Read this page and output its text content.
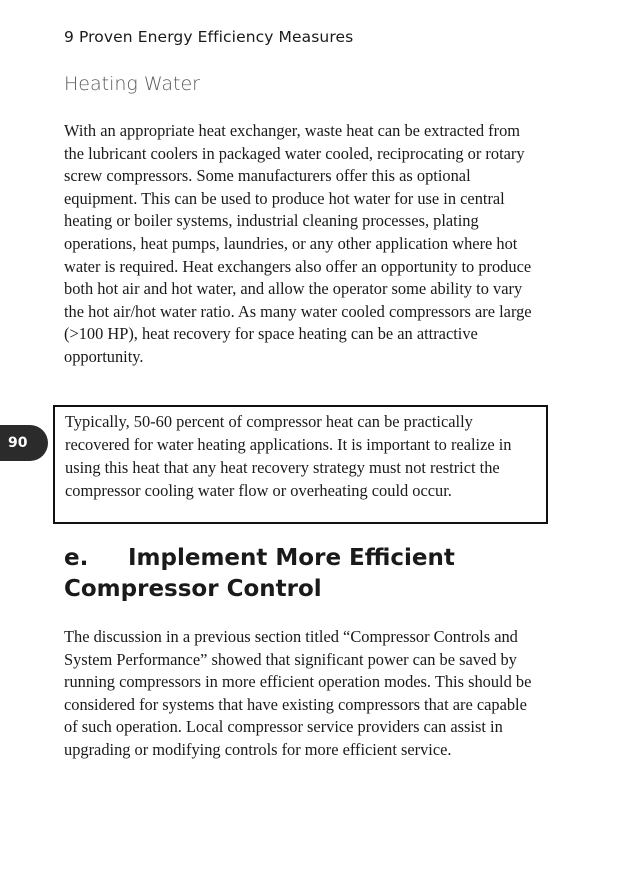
9 Proven Energy Efficiency Measures
Heating Water

With an appropriate heat exchanger, waste heat can be extracted from the lubricant coolers in packaged water cooled, reciprocating or rotary screw compressors. Some manufacturers offer this as optional equipment. This can be used to produce hot water for use in central heating or boiler systems, industrial cleaning processes, plating operations, heat pumps, laundries, or any other application where hot water is required. Heat exchangers also offer an opportunity to produce both hot air and hot water, and allow the operator some ability to vary the hot air/hot water ratio. As many water cooled compressors are large (>100 HP), heat recovery for space heating can be an attractive opportunity.

90

Typically, 50-60 percent of compressor heat can be practically recovered for water heating applications. It is important to realize in using this heat that any heat recovery strategy must not restrict the compressor cooling water flow or overheating could occur.

e. Implement More Efficient Compressor Control

The discussion in a previous section titled “Compressor Controls and System Performance” showed that significant power can be saved by running compressors in more efficient operation modes. This should be considered for systems that have existing compressors that are capable of such operation. Local compressor service providers can assist in upgrading or modifying controls for more efficient service.
